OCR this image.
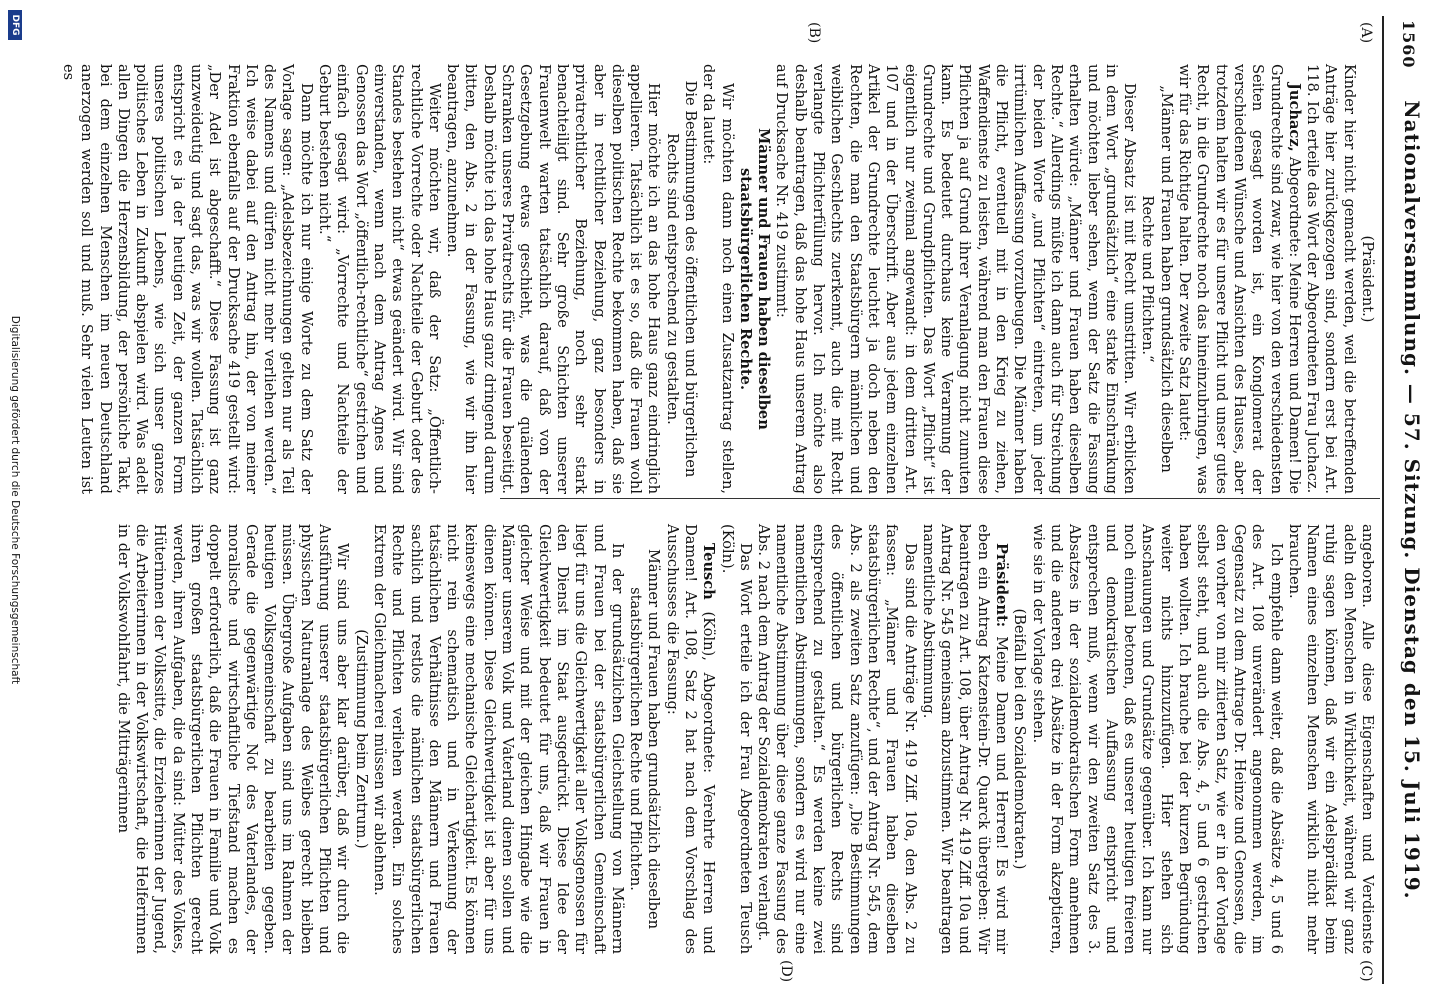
1560
Nationalversammlung. — 57. Sitzung. Dienstag den 15. Juli 1919.
(A)
(B)
(C)
(D)

(Präsident.)

Kinder hier nicht gemacht werden, weil die betreffenden Anträge hier zurückgezogen sind, sondern erst bei Art. 118. Ich erteile das Wort der Abgeordneten Frau Juchacz.

Juchacz, Abgeordnete: Meine Herren und Damen! Die Grundrechte sind zwar, wie hier von den verschiedensten Seiten gesagt worden ist, ein Konglomerat der verschiedenen Wünsche und Ansichten des Hauses, aber trotzdem halten wir es für unsere Pflicht und unser gutes Recht, in die Grundrechte noch das hineinzubringen, was wir für das Richtige halten. Der zweite Satz lautet:

„Männer und Frauen haben grundsätzlich dieselben Rechte und Pflichten.“

Dieser Absatz ist mit Recht umstritten. Wir erblicken in dem Wort „grundsätzlich“ eine starke Einschränkung und möchten lieber sehen, wenn der Satz die Fassung erhalten würde: „Männer und Frauen haben dieselben Rechte.“ Allerdings müßte ich dann auch für Streichung der beiden Worte „und Pflichten“ eintreten, um jeder irrtümlichen Auffassung vorzubeugen. Die Männer haben die Pflicht, eventuell mit in den Krieg zu ziehen, Waffendienste zu leisten, während man den Frauen diese Pflichten ja auf Grund ihrer Veranlagung nicht zumuten kann. Es bedeutet durchaus keine Verarmung der Grundrechte und Grundpflichten. Das Wort „Pflicht“ ist eigentlich nur zweimal angewandt: in dem dritten Art. 107 und in der Überschrift. Aber aus jedem einzelnen Artikel der Grundrechte leuchtet ja doch neben den Rechten, die man den Staatsbürgern männlichen und weiblichen Geschlechts zuerkennt, auch die mit Recht verlangte Pflichterfüllung hervor. Ich möchte also deshalb beantragen, daß das hohe Haus unserem Antrag auf Drucksache Nr. 419 zustimmt:

Männer und Frauen haben dieselben staatsbürgerlichen Rechte.

Wir möchten dann noch einen Zusatzantrag stellen, der da lautet:

Die Bestimmungen des öffentlichen und bürgerlichen Rechts sind entsprechend zu gestalten.

Hier möchte ich an das hohe Haus ganz eindringlich appellieren. Tatsächlich ist es so, daß die Frauen wohl dieselben politischen Rechte bekommen haben, daß sie aber in rechtlicher Beziehung, ganz besonders in privatrechtlicher Beziehung, noch sehr stark benachteiligt sind. Sehr große Schichten unserer Frauenwelt warten tatsächlich darauf, daß von der Gesetzgebung etwas geschieht, was die quälenden Schranken unseres Privatrechts für die Frauen beseitigt. Deshalb möchte ich das hohe Haus ganz dringend darum bitten, den Abs. 2 in der Fassung, wie wir ihn hier beantragen, anzunehmen.

Weiter möchten wir, daß der Satz: „Öffentlich-rechtliche Vorrechte oder Nachteile der Geburt oder des Standes bestehen nicht“ etwas geändert wird. Wir sind einverstanden, wenn nach dem Antrag Agnes und Genossen das Wort „öffentlich-rechtliche“ gestrichen und einfach gesagt wird: „Vorrechte und Nachteile der Geburt bestehen nicht.“

Dann möchte ich nur einige Worte zu dem Satz der Vorlage sagen: „Adelsbezeichnungen gelten nur als Teil des Namens und dürfen nicht mehr verliehen werden.“ Ich weise dabei auf den Antrag hin, der von meiner Fraktion ebenfalls auf der Drucksache 419 gestellt wird: „Der Adel ist abgeschafft.“ Diese Fassung ist ganz unzweideutig und sagt das, was wir wollen. Tatsächlich entspricht es ja der heutigen Zeit, der ganzen Form unseres politischen Lebens, wie sich unser ganzes politisches Leben in Zukunft abspielen wird. Was adelt allen Dingen die Herzensbildung, der persönliche Takt, bei dem einzelnen Menschen im neuen Deutschland anerzogen werden soll und muß. Sehr vielen Leuten ist es

angeboren. Alle diese Eigenschaften und Verdienste adeln den Menschen in Wirklichkeit, während wir ganz ruhig sagen können, daß wir ein Adelsprädikat beim Namen eines einzelnen Menschen wirklich nicht mehr brauchen.

Ich empfehle dann weiter, daß die Absätze 4, 5 und 6 des Art. 108 unverändert angenommen werden, im Gegensatz zu dem Antrage Dr. Heinze und Genossen, die den vorher von mir zitierten Satz, wie er in der Vorlage selbst steht, und auch die Abs. 4, 5 und 6 gestrichen haben wollten. Ich brauche bei der kurzen Begründung weiter nichts hinzuzufügen. Hier stehen sich Anschauungen und Grundsätze gegenüber. Ich kann nur noch einmal betonen, daß es unserer heutigen freieren und demokratischen Auffassung entspricht und entsprechen muß, wenn wir den zweiten Satz des 3. Absatzes in der sozialdemokratischen Form annehmen und die anderen drei Absätze in der Form akzeptieren, wie sie in der Vorlage stehen.

(Beifall bei den Sozialdemokraten.)

Präsident: Meine Damen und Herren! Es wird mir eben ein Antrag Katzenstein-Dr. Quarck übergeben: Wir beantragen zu Art. 108, über Antrag Nr. 419 Ziff. 10a und Antrag Nr. 545 gemeinsam abzustimmen. Wir beantragen namentliche Abstimmung.

Das sind die Anträge Nr. 419 Ziff. 10a, den Abs. 2 zu fassen: „Männer und Frauen haben dieselben staatsbürgerlichen Rechte“, und der Antrag Nr. 545, dem Abs. 2 als zweiten Satz anzufügen: „Die Bestimmungen des öffentlichen und bürgerlichen Rechts sind entsprechend zu gestalten.“ Es werden keine zwei namentlichen Abstimmungen, sondern es wird nur eine namentliche Abstimmung über diese ganze Fassung des Abs. 2 nach dem Antrag der Sozialdemokraten verlangt.

Das Wort erteile ich der Frau Abgeordneten Teusch (Köln).

Teusch (Köln), Abgeordnete: Verehrte Herren und Damen! Art. 108, Satz 2 hat nach dem Vorschlag des Ausschusses die Fassung:

Männer und Frauen haben grundsätzlich dieselben staatsbürgerlichen Rechte und Pflichten.

In der grundsätzlichen Gleichstellung von Männern und Frauen bei der staatsbürgerlichen Gemeinschaft liegt für uns die Gleichwertigkeit aller Volksgenossen für den Dienst im Staat ausgedrückt. Diese Idee der Gleichwertigkeit bedeutet für uns, daß wir Frauen in gleicher Weise und mit der gleichen Hingabe wie die Männer unserem Volk und Vaterland dienen sollen und dienen können. Diese Gleichwertigkeit ist aber für uns keineswegs eine mechanische Gleichartigkeit. Es können nicht rein schematisch und in Verkennung der tatsächlichen Verhältnisse den Männern und Frauen sachlich und restlos die nämlichen staatsbürgerlichen Rechte und Pflichten verliehen werden. Ein solches Extrem der Gleichmacherei müssen wir ablehnen.

(Zustimmung beim Zentrum.)

Wir sind uns aber klar darüber, daß wir durch die Ausführung unserer staatsbürgerlichen Pflichten und physischen Naturanlage des Weibes gerecht bleiben müssen. Übergroße Aufgaben sind uns im Rahmen der heutigen Volksgemeinschaft zu bearbeiten gegeben. Gerade die gegenwärtige Not des Vaterlandes, der moralische und wirtschaftliche Tiefstand machen es doppelt erforderlich, daß die Frauen in Familie und Volk ihren großen staatsbürgerlichen Pflichten gerecht werden, ihren Aufgaben, die da sind: Mütter des Volkes, Hüterinnen der Volkssitte, die Erzieherinnen der Jugend, die Arbeiterinnen in der Volkswirtschaft, die Helferinnen in der Volkswohlfahrt, die Mitträgerinnen

DFG
Digitalisierung gefördert durch die Deutsche Forschungsgemeinschaft
